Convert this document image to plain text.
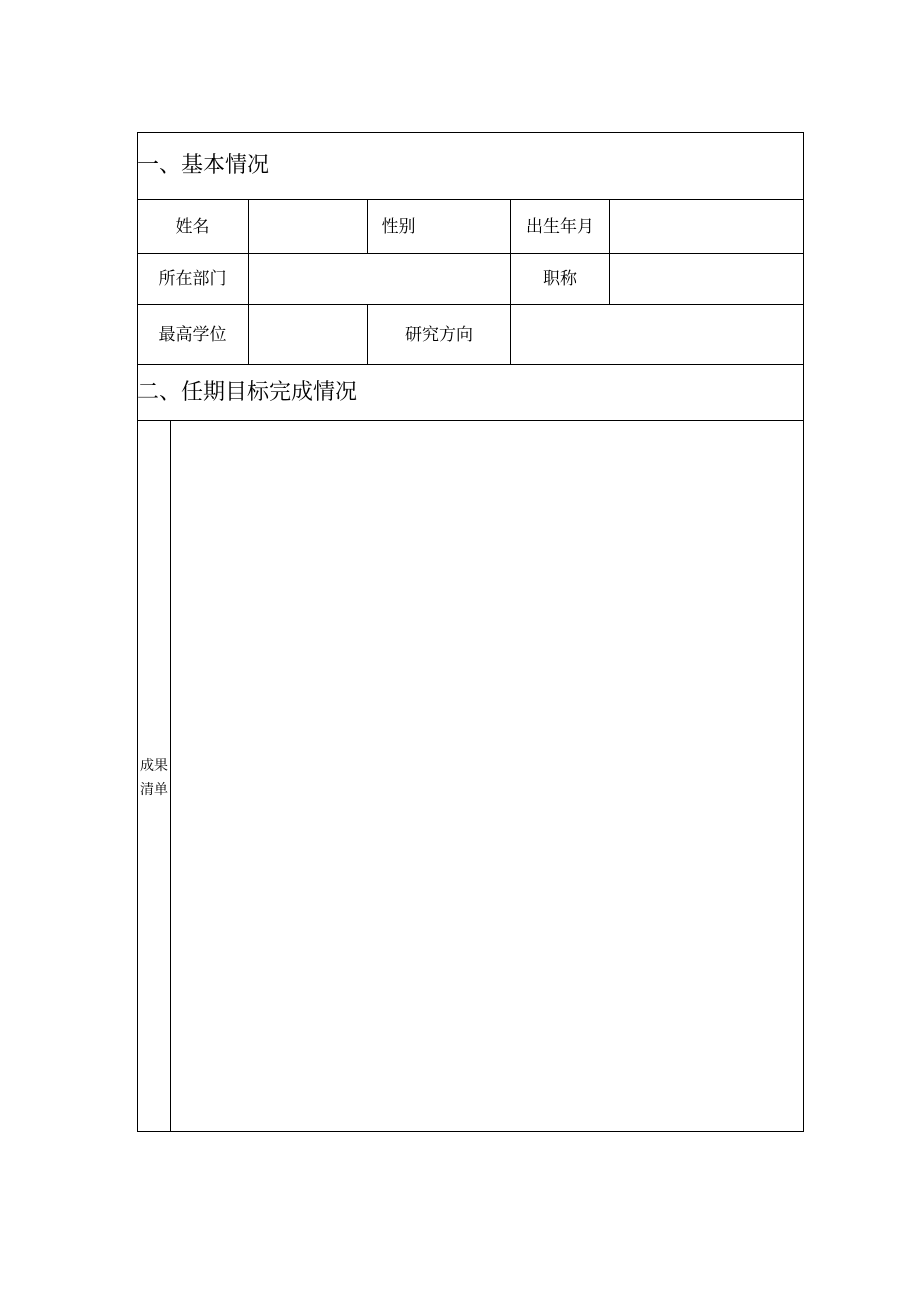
一、基本情况
姓名	性别	出生年月
所在部门	职称
最高学位	研究方向
二、任期目标完成情况
成果
清单
